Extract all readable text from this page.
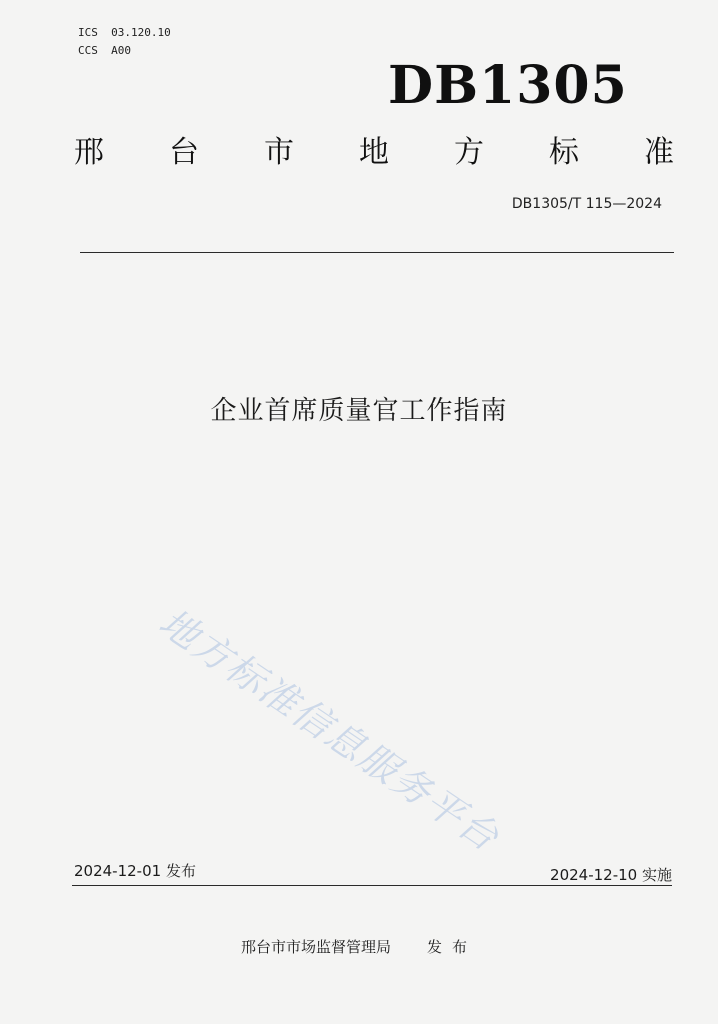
ICS  03.120.10
CCS  A00
DB1305
邢 台 市 地 方 标 准
DB1305/T 115—2024
企业首席质量官工作指南
地方标准信息服务平台
2024-12-01 发布	2024-12-10 实施
邢台市市场监督管理局 发布
